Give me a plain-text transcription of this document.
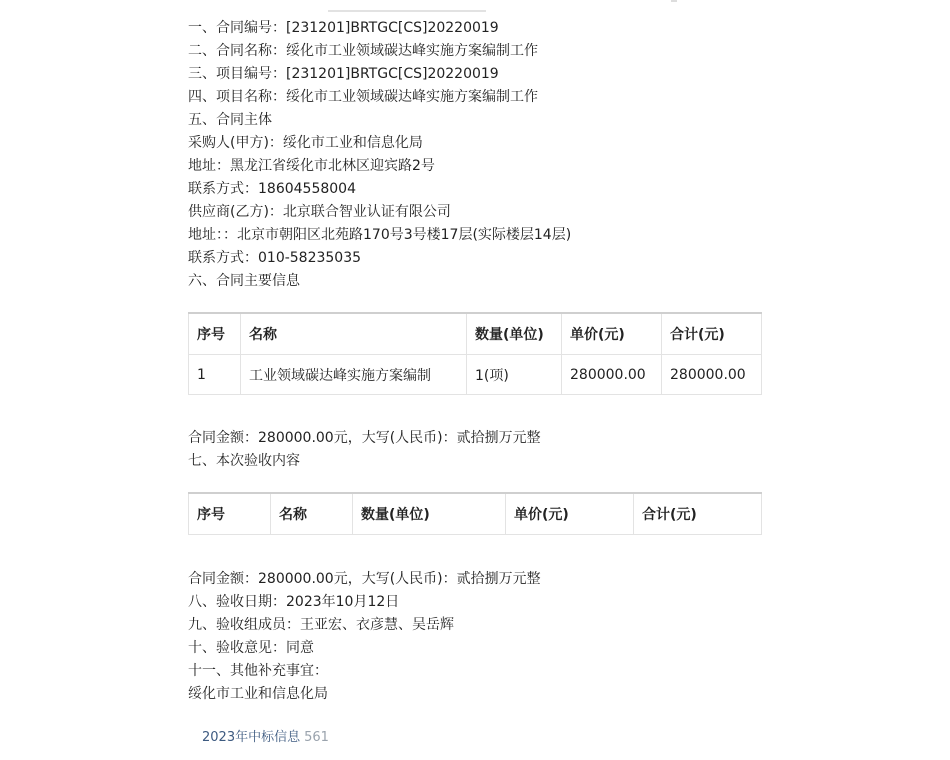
一、合同编号：[231201]BRTGC[CS]20220019
二、合同名称：绥化市工业领域碳达峰实施方案编制工作
三、项目编号：[231201]BRTGC[CS]20220019
四、项目名称：绥化市工业领域碳达峰实施方案编制工作
五、合同主体
采购人(甲方)：绥化市工业和信息化局
地址：黑龙江省绥化市北林区迎宾路2号
联系方式：18604558004
供应商(乙方)：北京联合智业认证有限公司
地址：：北京市朝阳区北苑路170号3号楼17层(实际楼层14层)
联系方式：010-58235035
六、合同主要信息
序号	名称	数量(单位)	单价(元)	合计(元)
1	工业领域碳达峰实施方案编制	1(项)	280000.00	280000.00
合同金额：280000.00元，大写(人民币)：贰拾捌万元整
七、本次验收内容
序号	名称	数量(单位)	单价(元)	合计(元)
合同金额：280000.00元，大写(人民币)：贰拾捌万元整
八、验收日期：2023年10月12日
九、验收组成员：王亚宏、衣彦慧、吴岳辉
十、验收意见：同意
十一、其他补充事宜：
绥化市工业和信息化局
2023年中标信息 561
